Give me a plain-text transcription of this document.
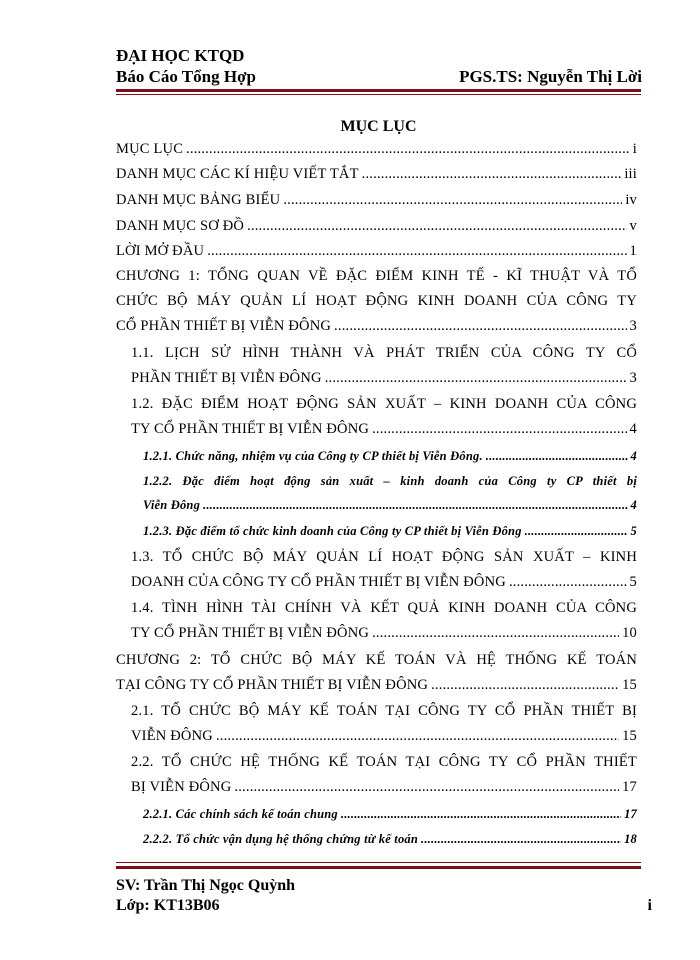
ĐẠI HỌC KTQD
Báo Cáo Tổng Hợp	PGS.TS: Nguyễn Thị Lời
MỤC LỤC
MỤC LỤC .....	i
DANH MỤC CÁC KÍ HIỆU VIẾT TẮT .....	iii
DANH MỤC BẢNG BIỂU .....	iv
DANH MỤC SƠ ĐỒ .....	v
LỜI MỞ ĐẦU .....	1
CHƯƠNG 1: TỔNG QUAN VỀ ĐẶC ĐIỂM KINH TẾ - KĨ THUẬT VÀ TỔ
CHỨC BỘ MÁY QUẢN LÍ HOẠT ĐỘNG KINH DOANH CỦA CÔNG TY
CỔ PHẦN THIẾT BỊ VIỄN ĐÔNG .....	3
1.1. LỊCH SỬ HÌNH THÀNH VÀ PHÁT TRIỂN CỦA CÔNG TY CỔ
PHẦN THIẾT BỊ VIỄN ĐÔNG .....	3
1.2. ĐẶC ĐIỂM HOẠT ĐỘNG SẢN XUẤT – KINH DOANH CỦA CÔNG
TY CỔ PHẦN THIẾT BỊ VIỄN ĐÔNG .....	4
1.2.1. Chức năng, nhiệm vụ của Công ty CP thiết bị Viễn Đông. .....	4
1.2.2. Đặc điểm hoạt động sản xuất – kinh doanh của Công ty CP thiết bị
Viễn Đông .....	4
1.2.3. Đặc điểm tổ chức kinh doanh của Công ty CP thiết bị Viễn Đông .....	5
1.3. TỔ CHỨC BỘ MÁY QUẢN LÍ HOẠT ĐỘNG SẢN XUẤT – KINH
DOANH CỦA CÔNG TY CỔ PHẦN THIẾT BỊ VIỄN ĐÔNG .....	5
1.4. TÌNH HÌNH TÀI CHÍNH VÀ KẾT QUẢ KINH DOANH CỦA CÔNG
TY CỔ PHẦN THIẾT BỊ VIỄN ĐÔNG .....	10
CHƯƠNG 2: TỔ CHỨC BỘ MÁY KẾ TOÁN VÀ HỆ THỐNG KẾ TOÁN
TẠI CÔNG TY CỔ PHẦN THIẾT BỊ VIỄN ĐÔNG .....	15
2.1. TỔ CHỨC BỘ MÁY KẾ TOÁN TẠI CÔNG TY CỔ PHẦN THIẾT BỊ
VIỄN ĐÔNG .....	15
2.2. TỔ CHỨC HỆ THỐNG KẾ TOÁN TẠI CÔNG TY CỔ PHẦN THIẾT
BỊ VIỄN ĐÔNG .....	17
2.2.1. Các chính sách kế toán chung .....	17
2.2.2. Tổ chức vận dụng hệ thống chứng từ kế toán .....	18
SV: Trần Thị Ngọc Quỳnh
Lớp: KT13B06	i
